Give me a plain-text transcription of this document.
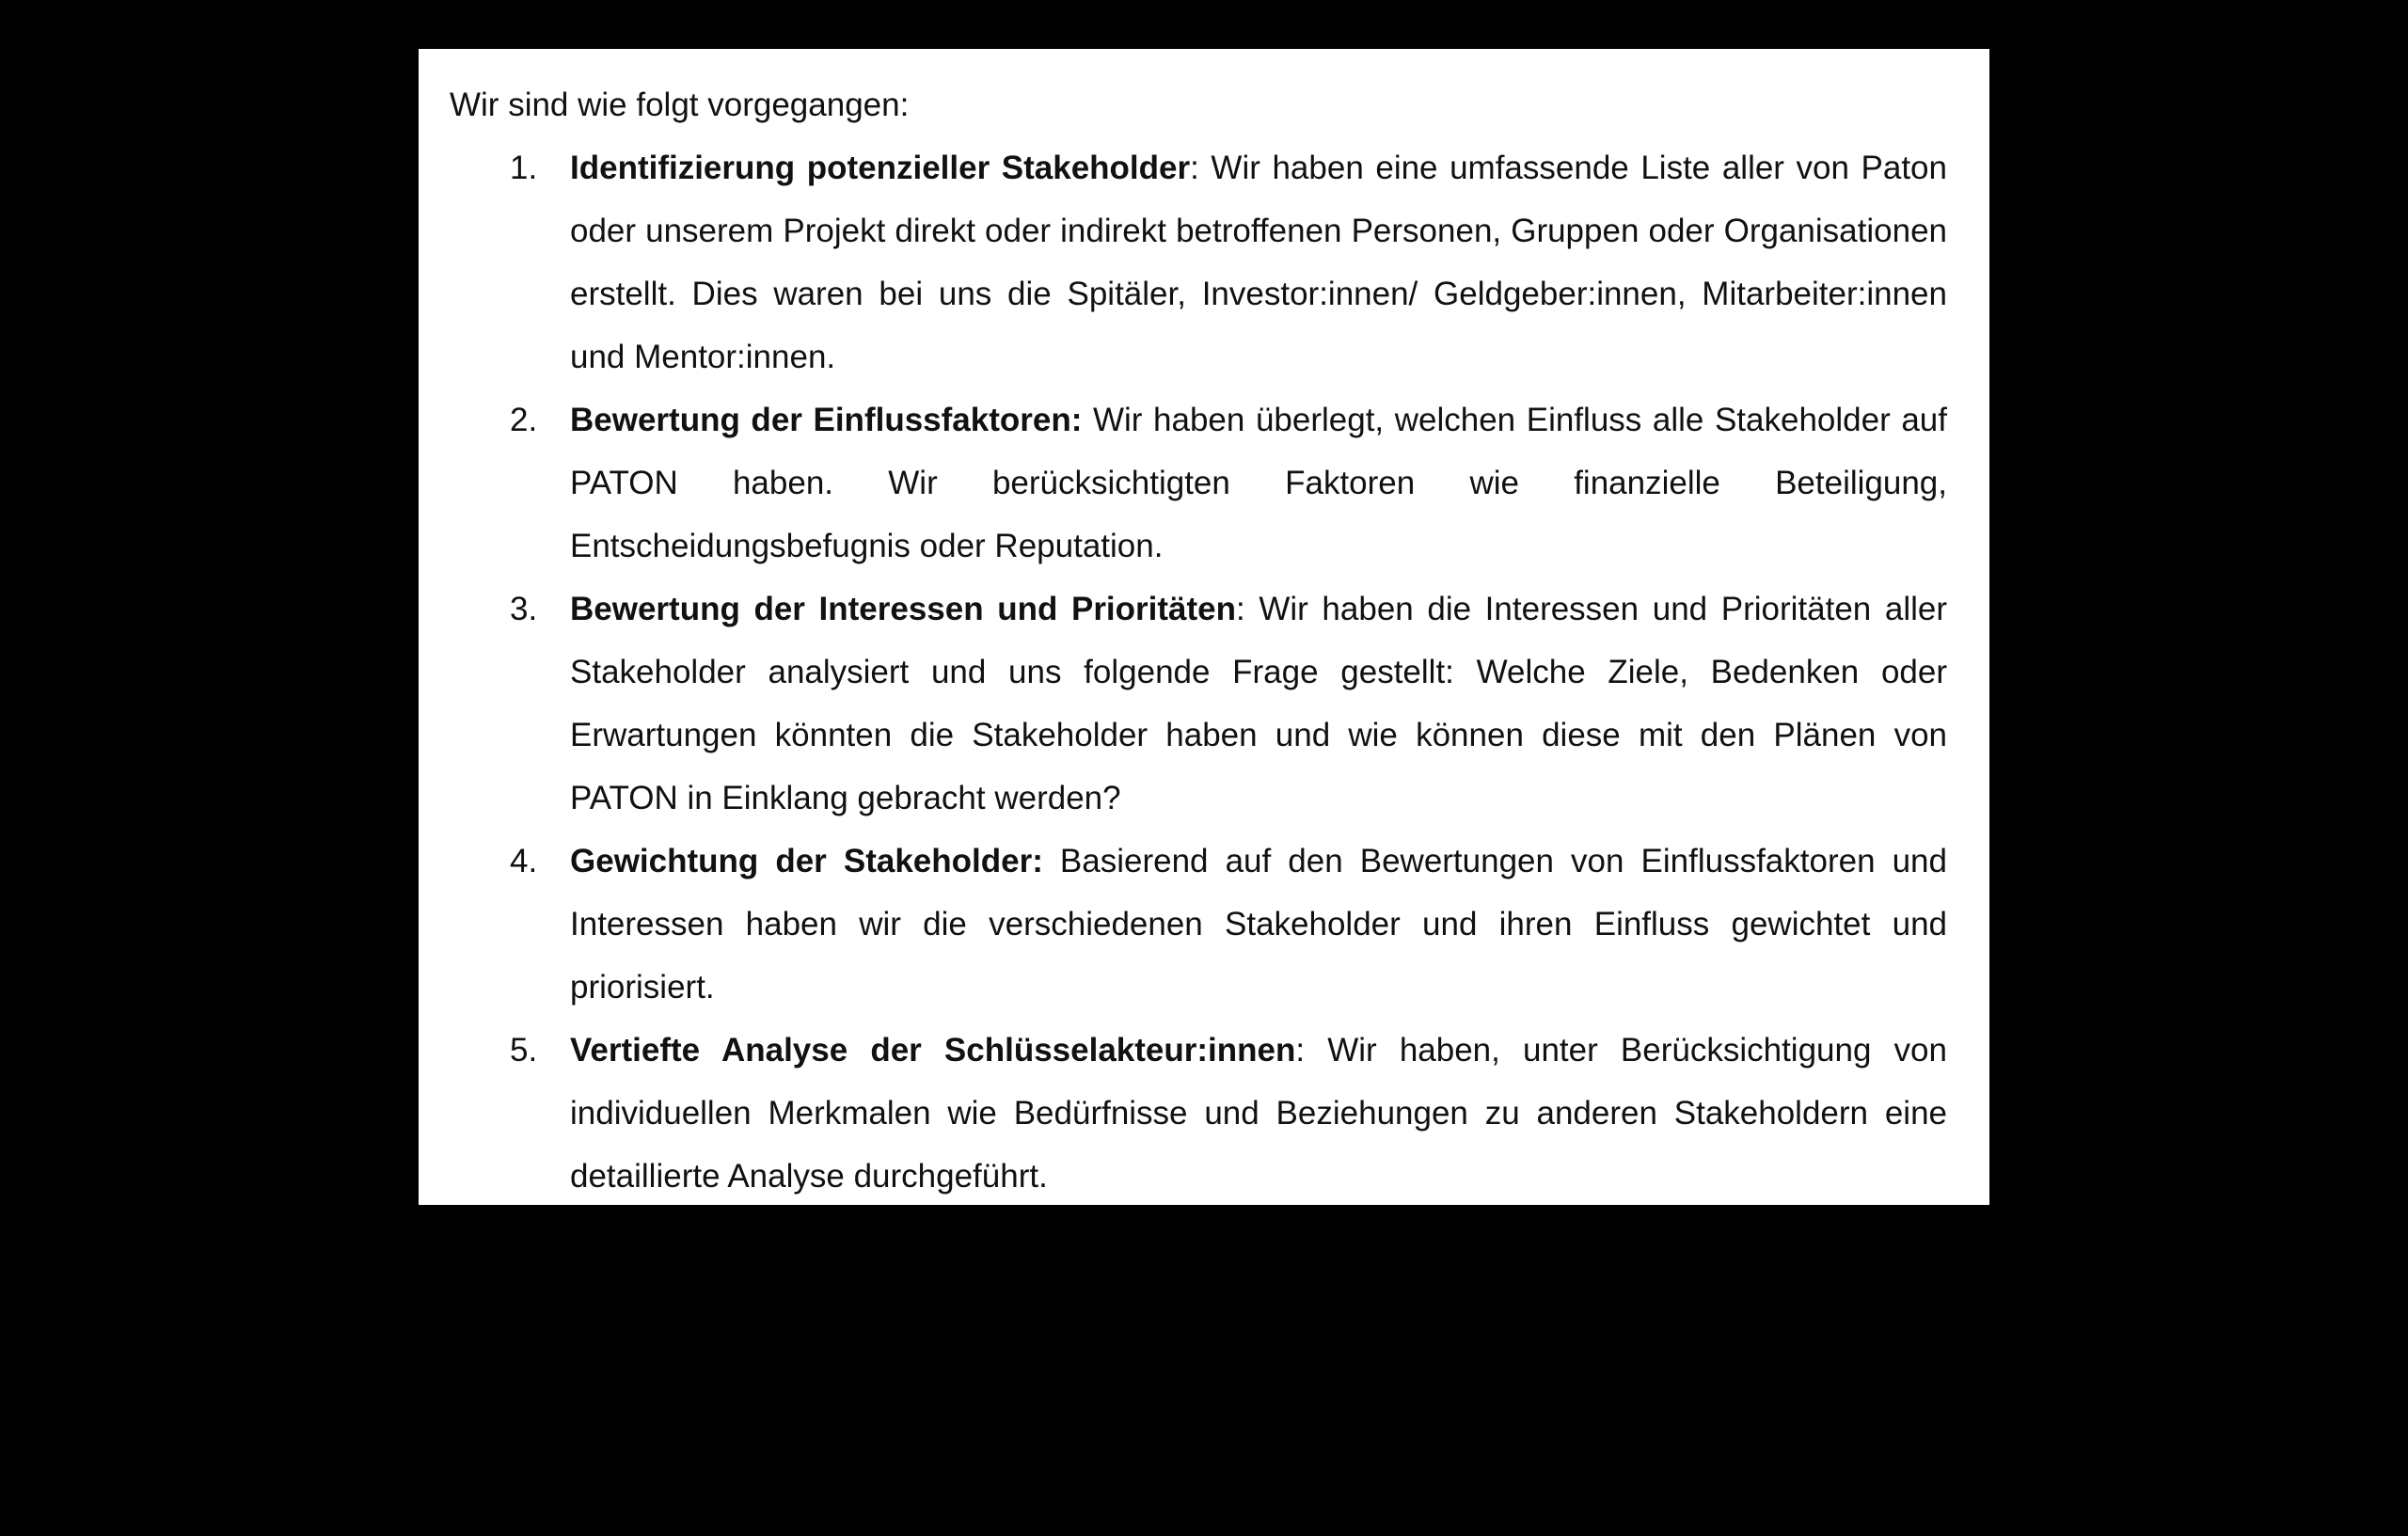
Wir sind wie folgt vorgegangen:

1. Identifizierung potenzieller Stakeholder: Wir haben eine umfassende Liste aller von Paton oder unserem Projekt direkt oder indirekt betroffenen Personen, Gruppen oder Organisationen erstellt. Dies waren bei uns die Spitäler, Investor:innen/ Geldgeber:innen, Mitarbeiter:innen und Mentor:innen.
2. Bewertung der Einflussfaktoren: Wir haben überlegt, welchen Einfluss alle Stakeholder auf PATON haben. Wir berücksichtigten Faktoren wie finanzielle Beteiligung, Entscheidungsbefugnis oder Reputation.
3. Bewertung der Interessen und Prioritäten: Wir haben die Interessen und Prioritäten aller Stakeholder analysiert und uns folgende Frage gestellt: Welche Ziele, Bedenken oder Erwartungen könnten die Stakeholder haben und wie können diese mit den Plänen von PATON in Einklang gebracht werden?
4. Gewichtung der Stakeholder: Basierend auf den Bewertungen von Einflussfaktoren und Interessen haben wir die verschiedenen Stakeholder und ihren Einfluss gewichtet und priorisiert.
5. Vertiefte Analyse der Schlüsselakteur:innen: Wir haben, unter Berücksichtigung von individuellen Merkmalen wie Bedürfnisse und Beziehungen zu anderen Stakeholdern eine detaillierte Analyse durchgeführt.
